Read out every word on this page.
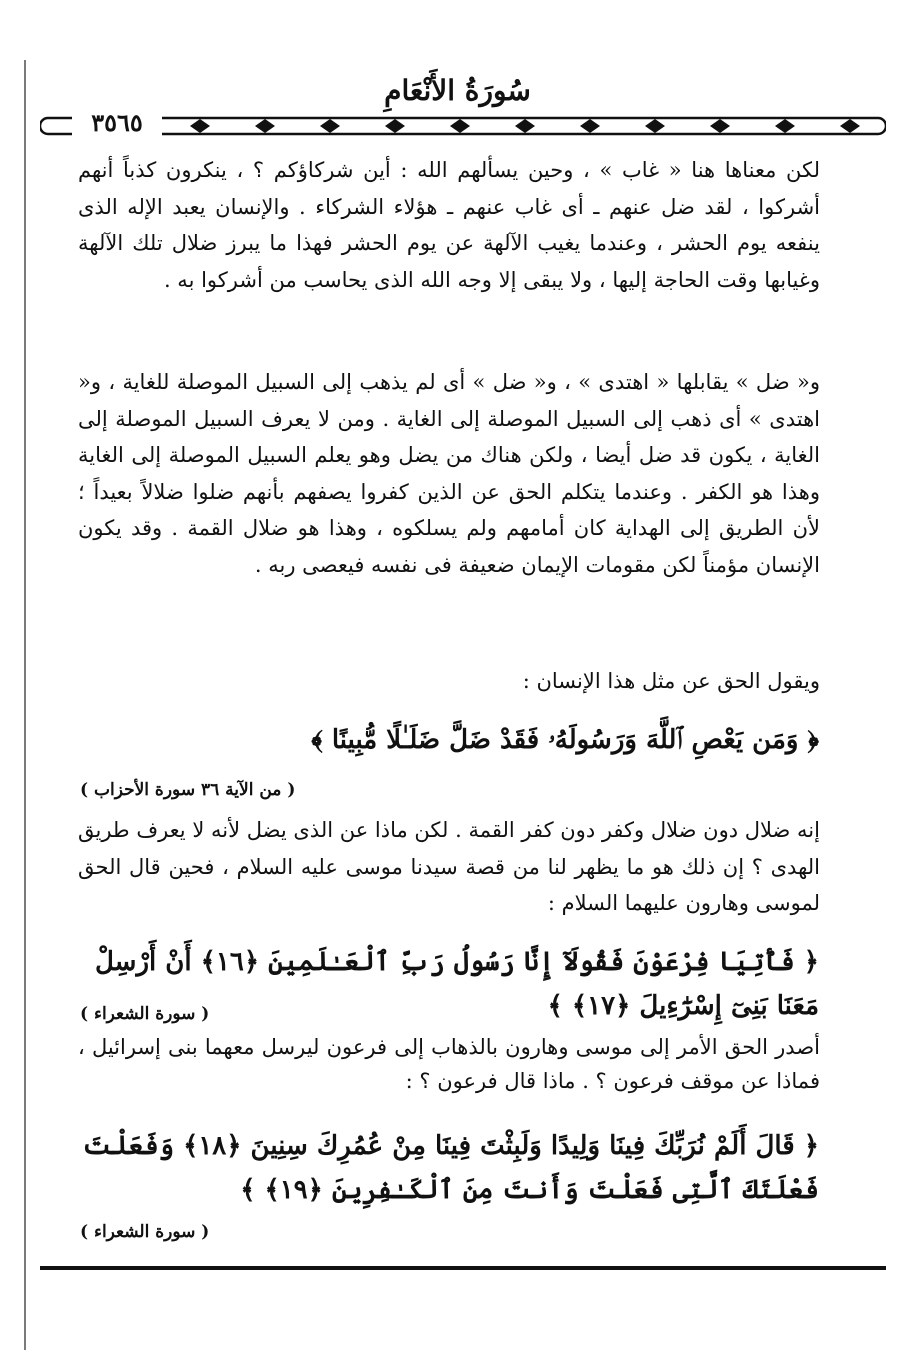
سُورَةُ الأَنْعَامِ
٣٥٦٥

لكن معناها هنا « غاب » ، وحين يسألهم الله : أين شركاؤكم ؟ ، ينكرون كذباً أنهم أشركوا ، لقد ضل عنهم ـ أى غاب عنهم ـ هؤلاء الشركاء . والإنسان يعبد الإله الذى ينفعه يوم الحشر ، وعندما يغيب الآلهة عن يوم الحشر فهذا ما يبرز ضلال تلك الآلهة وغيابها وقت الحاجة إليها ، ولا يبقى إلا وجه الله الذى يحاسب من أشركوا به .

و« ضل » يقابلها « اهتدى » ، و« ضل » أى لم يذهب إلى السبيل الموصلة للغاية ، و« اهتدى » أى ذهب إلى السبيل الموصلة إلى الغاية . ومن لا يعرف السبيل الموصلة إلى الغاية ، يكون قد ضل أيضا ، ولكن هناك من يضل وهو يعلم السبيل الموصلة إلى الغاية وهذا هو الكفر . وعندما يتكلم الحق عن الذين كفروا يصفهم بأنهم ضلوا ضلالاً بعيداً ؛ لأن الطريق إلى الهداية كان أمامهم ولم يسلكوه ، وهذا هو ضلال القمة . وقد يكون الإنسان مؤمناً لكن مقومات الإيمان ضعيفة فى نفسه فيعصى ربه .

ويقول الحق عن مثل هذا الإنسان :

﴿ وَمَن يَعْصِ ٱللَّهَ وَرَسُولَهُۥ فَقَدْ ضَلَّ ضَلَـٰلًا مُّبِينًا ﴾
( من الآية ٣٦ سورة الأحزاب )

إنه ضلال دون ضلال وكفر دون كفر القمة . لكن ماذا عن الذى يضل لأنه لا يعرف طريق الهدى ؟ إن ذلك هو ما يظهر لنا من قصة سيدنا موسى عليه السلام ، فحين قال الحق لموسى وهارون عليهما السلام :

﴿ فَأْتِيَا فِرْعَوْنَ فَقُولَآ إِنَّا رَسُولُ رَبِّ ٱلْعَـٰلَمِينَ ﴿١٦﴾ أَنْ أَرْسِلْ مَعَنَا بَنِىٓ إِسْرَٰٓءِيلَ ﴿١٧﴾ ﴾
( سورة الشعراء )

أصدر الحق الأمر إلى موسى وهارون بالذهاب إلى فرعون ليرسل معهما بنى إسرائيل ، فماذا عن موقف فرعون ؟ . ماذا قال فرعون ؟ :

﴿ قَالَ أَلَمْ نُرَبِّكَ فِينَا وَلِيدًا وَلَبِثْتَ فِينَا مِنْ عُمُرِكَ سِنِينَ ﴿١٨﴾ وَفَعَلْتَ فَعْلَتَكَ ٱلَّتِى فَعَلْتَ وَأَنتَ مِنَ ٱلْكَـٰفِرِينَ ﴿١٩﴾ ﴾
( سورة الشعراء )
